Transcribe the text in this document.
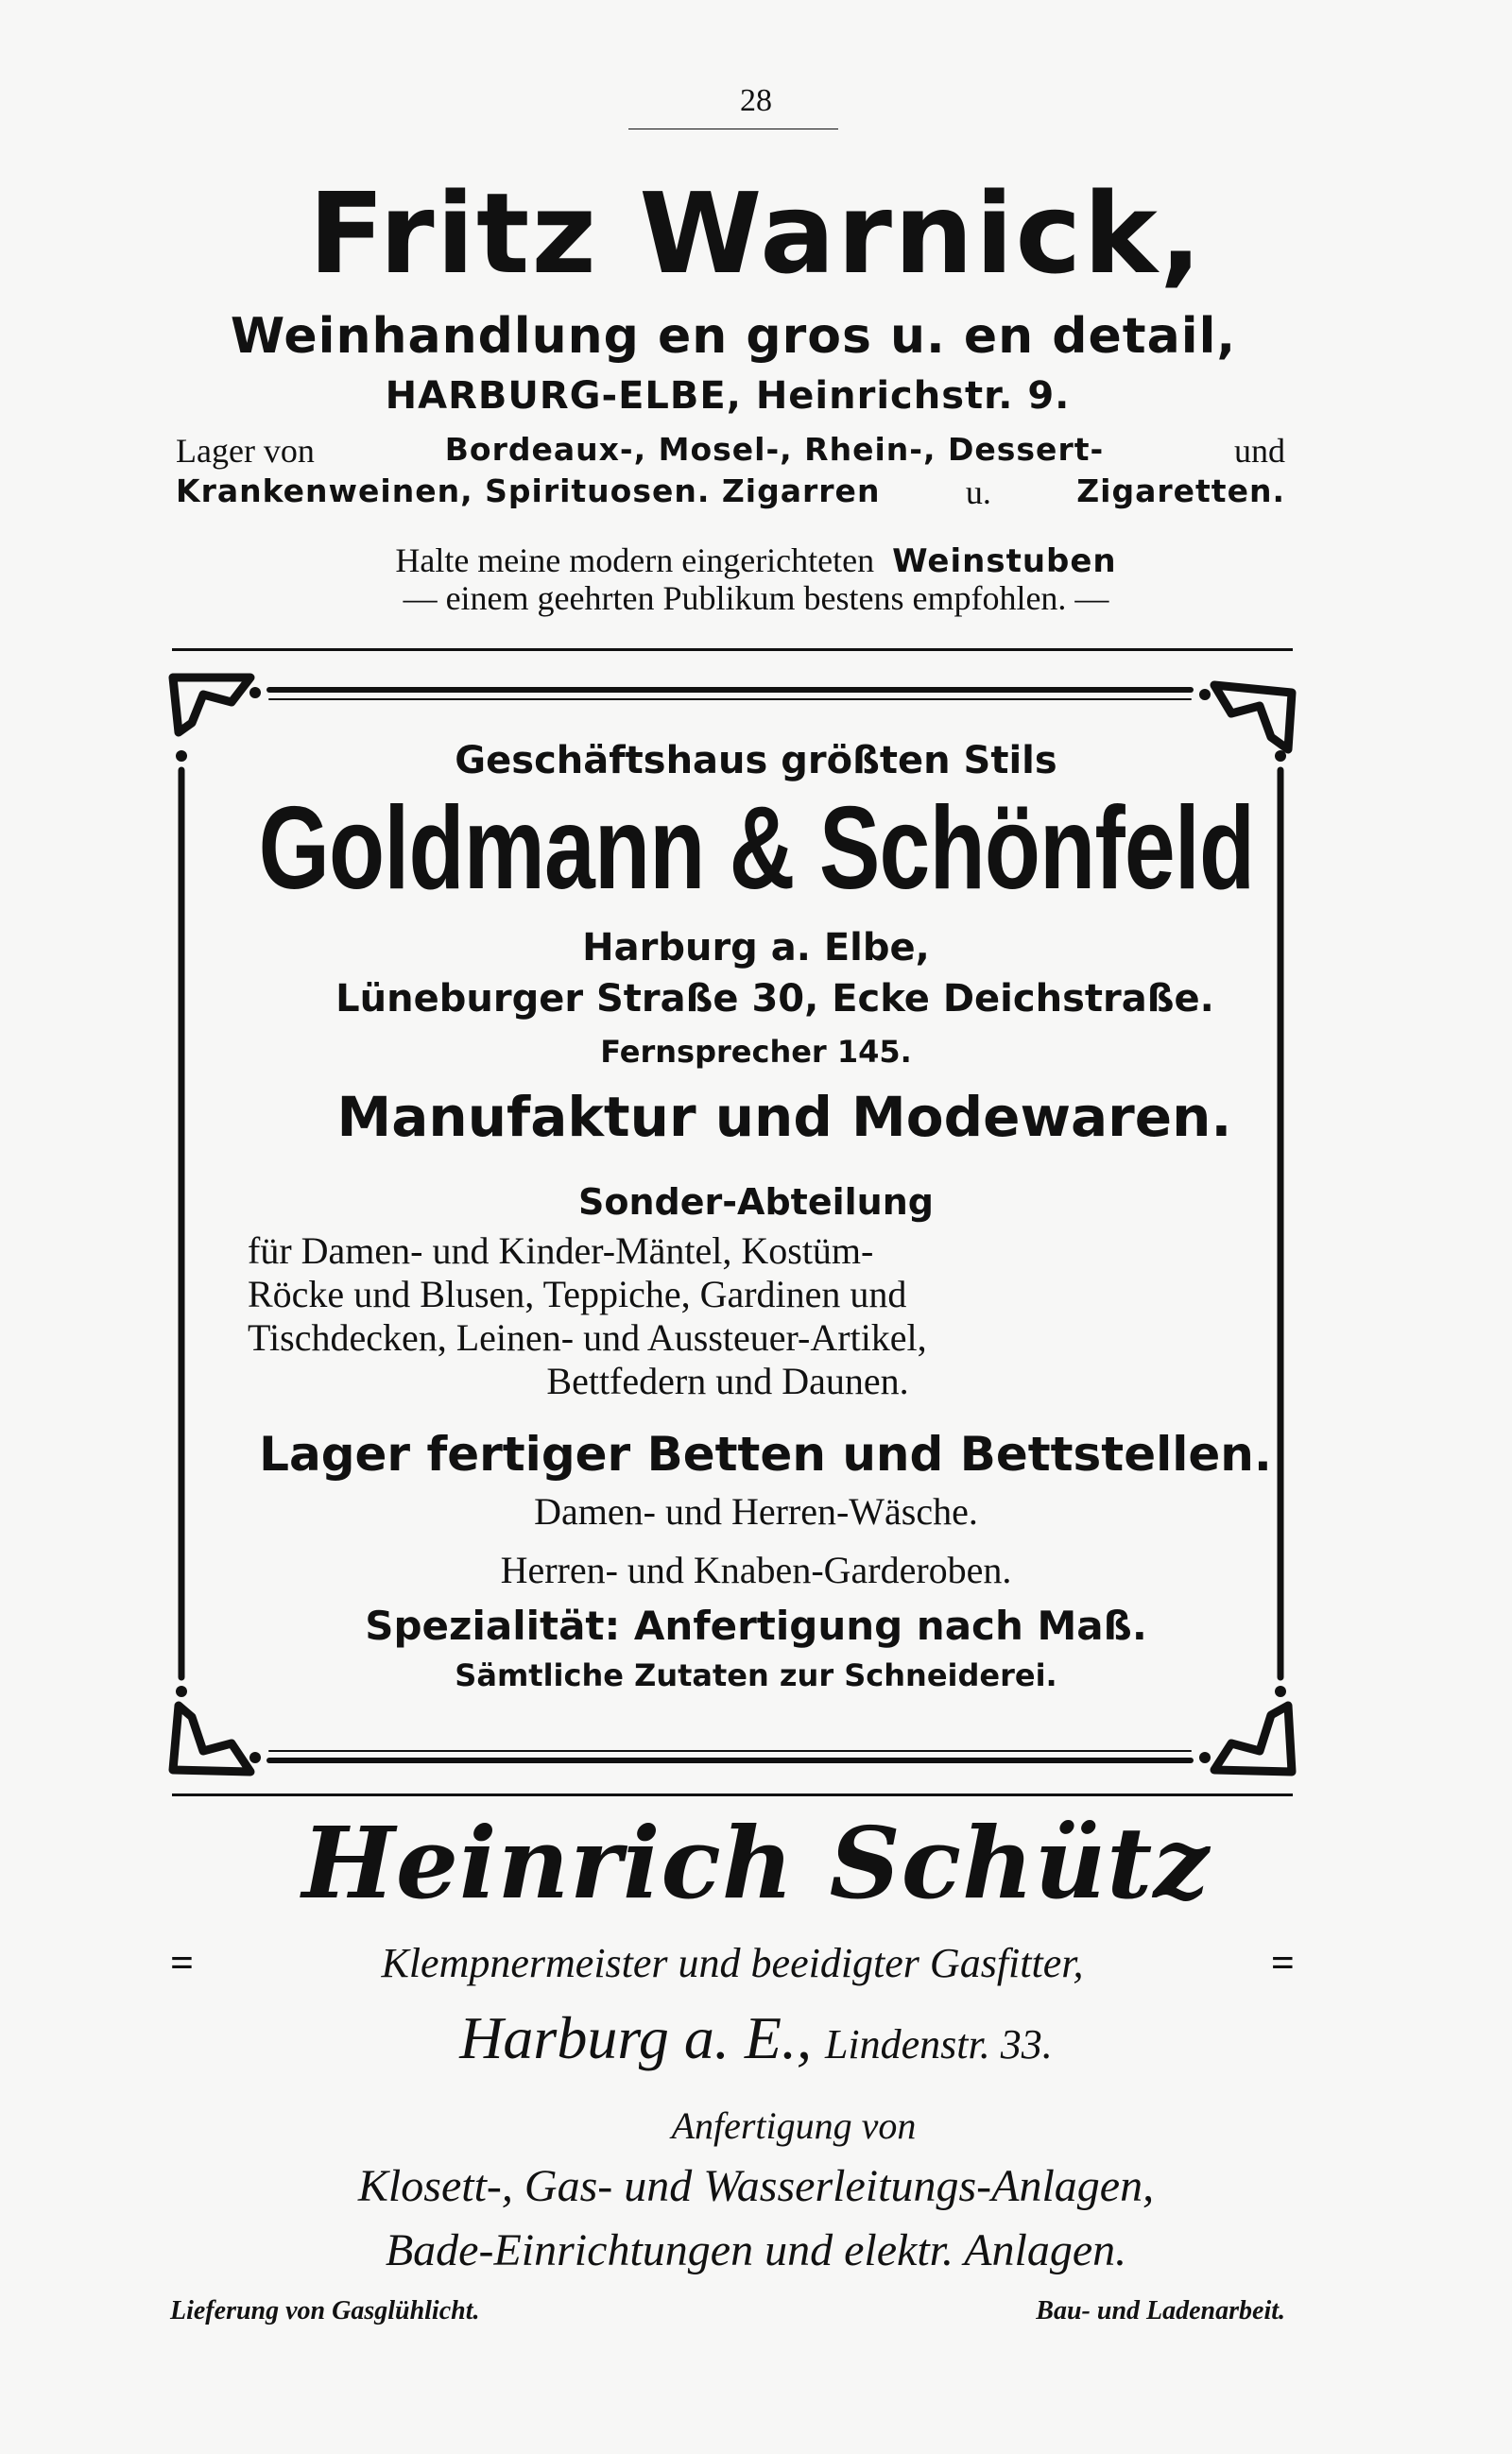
28
Fritz Warnick,
Weinhandlung en gros u. en detail,
HARBURG-ELBE, Heinrichstr. 9.
Lager von	Bordeaux-, Mosel-, Rhein-, Dessert-	und
Krankenweinen, Spirituosen. Zigarren	u.	Zigaretten.
Halte meine modern eingerichteten Weinstuben
— einem geehrten Publikum bestens empfohlen. —
Geschäftshaus größten Stils
Goldmann & Schönfeld
Harburg a. Elbe,
Lüneburger Straße 30, Ecke Deichstraße.
Fernsprecher 145.
Manufaktur und Modewaren.
Sonder-Abteilung
für Damen- und Kinder-Mäntel, Kostüm-
Röcke und Blusen, Teppiche, Gardinen und
Tischdecken, Leinen- und Aussteuer-Artikel,
Bettfedern und Daunen.
Lager fertiger Betten und Bettstellen.
Damen- und Herren-Wäsche.
Herren- und Knaben-Garderoben.
Spezialität: Anfertigung nach Maß.
Sämtliche Zutaten zur Schneiderei.
Heinrich Schütz
=	Klempnermeister und beeidigter Gasfitter,	=
Harburg a. E., Lindenstr. 33.
Anfertigung von
Klosett-, Gas- und Wasserleitungs-Anlagen,
Bade-Einrichtungen und elektr. Anlagen.
Lieferung von Gasglühlicht.	Bau- und Ladenarbeit.
